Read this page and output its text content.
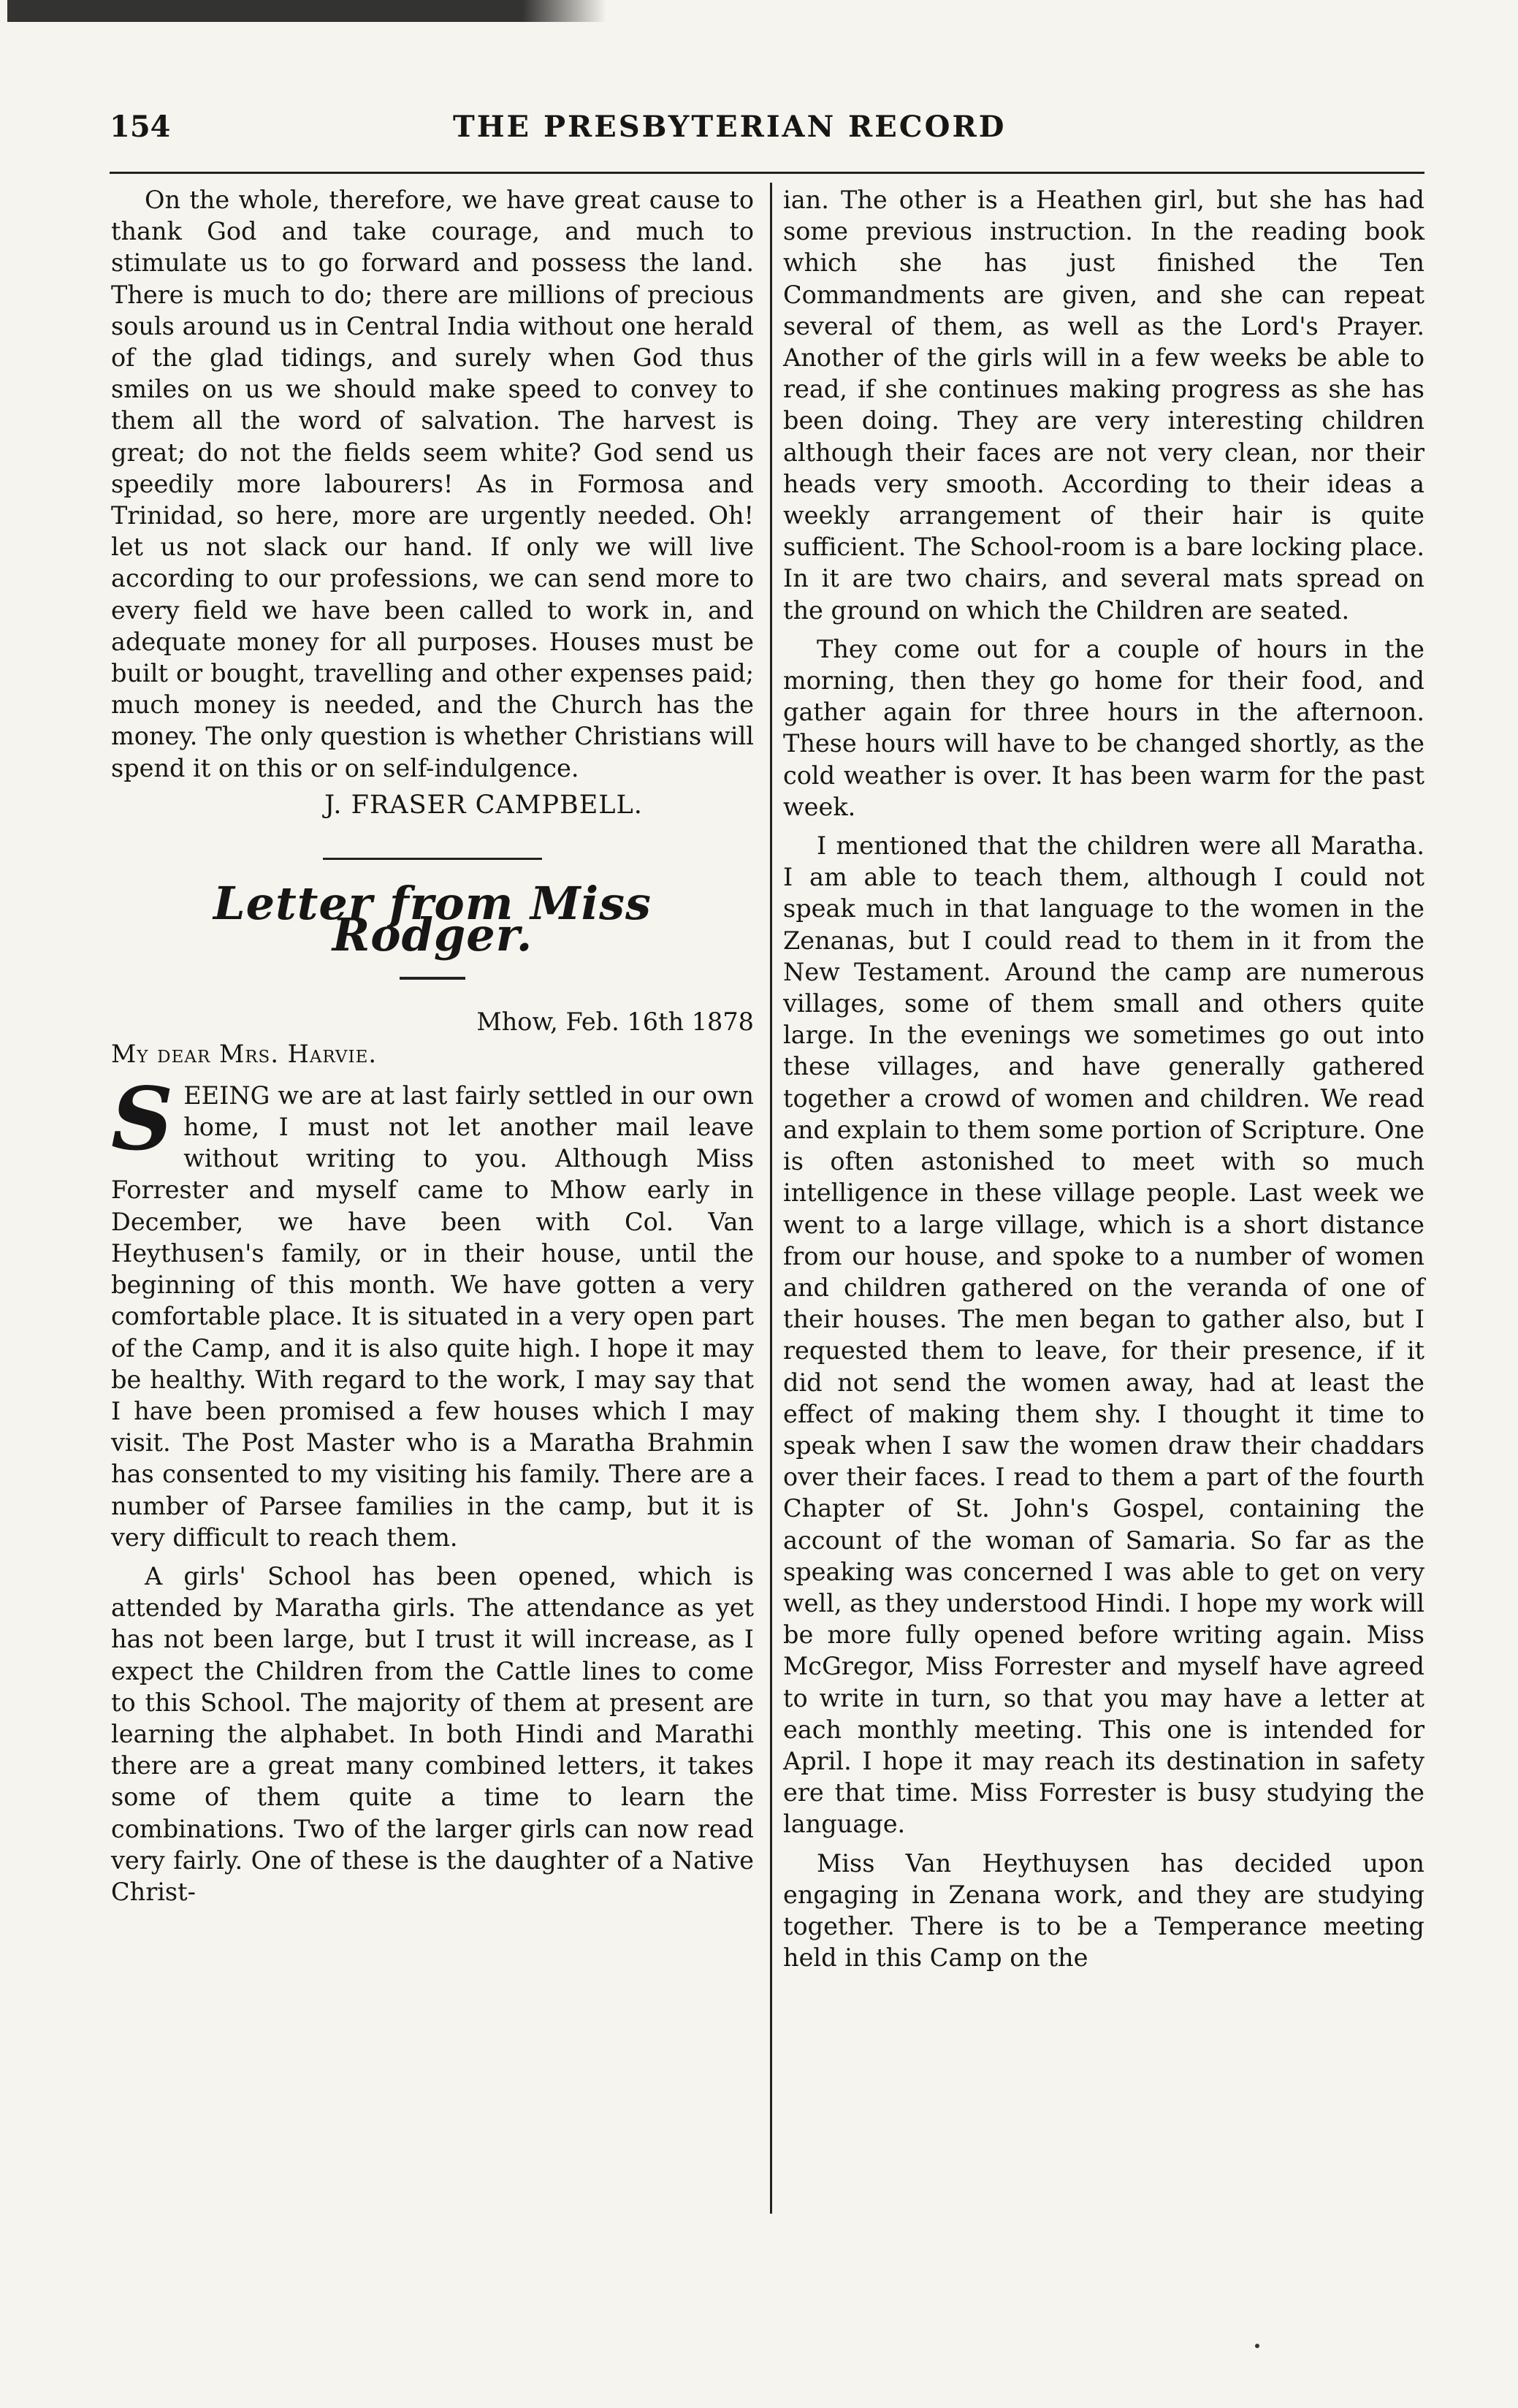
154	THE PRESBYTERIAN RECORD

On the whole, therefore, we have great cause to thank God and take courage, and much to stimulate us to go forward and possess the land. There is much to do; there are millions of precious souls around us in Central India without one herald of the glad tidings, and surely when God thus smiles on us we should make speed to convey to them all the word of salvation. The harvest is great; do not the fields seem white? God send us speedily more labourers! As in Formosa and Trinidad, so here, more are urgently needed. Oh! let us not slack our hand. If only we will live according to our professions, we can send more to every field we have been called to work in, and adequate money for all purposes. Houses must be built or bought, travelling and other expenses paid; much money is needed, and the Church has the money. The only question is whether Christians will spend it on this or on self-indulgence.

J. FRASER CAMPBELL.
Letter from Miss Rodger.

Mhow, Feb. 16th 1878

My dear Mrs. Harvie.

SEEING we are at last fairly settled in our own home, I must not let another mail leave without writing to you. Although Miss Forrester and myself came to Mhow early in December, we have been with Col. Van Heythusen's family, or in their house, until the beginning of this month. We have gotten a very comfortable place. It is situated in a very open part of the Camp, and it is also quite high. I hope it may be healthy. With regard to the work, I may say that I have been promised a few houses which I may visit. The Post Master who is a Maratha Brahmin has consented to my visiting his family. There are a number of Parsee families in the camp, but it is very difficult to reach them.

A girls' School has been opened, which is attended by Maratha girls. The attendance as yet has not been large, but I trust it will increase, as I expect the Children from the Cattle lines to come to this School. The majority of them at present are learning the alphabet. In both Hindi and Marathi there are a great many combined letters, it takes some of them quite a time to learn the combinations. Two of the larger girls can now read very fairly. One of these is the daughter of a Native Christ-

ian. The other is a Heathen girl, but she has had some previous instruction. In the reading book which she has just finished the Ten Commandments are given, and she can repeat several of them, as well as the Lord's Prayer. Another of the girls will in a few weeks be able to read, if she continues making progress as she has been doing. They are very interesting children although their faces are not very clean, nor their heads very smooth. According to their ideas a weekly arrangement of their hair is quite sufficient. The School-room is a bare locking place. In it are two chairs, and several mats spread on the ground on which the Children are seated.

They come out for a couple of hours in the morning, then they go home for their food, and gather again for three hours in the afternoon. These hours will have to be changed shortly, as the cold weather is over. It has been warm for the past week.

I mentioned that the children were all Maratha. I am able to teach them, although I could not speak much in that language to the women in the Zenanas, but I could read to them in it from the New Testament. Around the camp are numerous villages, some of them small and others quite large. In the evenings we sometimes go out into these villages, and have generally gathered together a crowd of women and children. We read and explain to them some portion of Scripture. One is often astonished to meet with so much intelligence in these village people. Last week we went to a large village, which is a short distance from our house, and spoke to a number of women and children gathered on the veranda of one of their houses. The men began to gather also, but I requested them to leave, for their presence, if it did not send the women away, had at least the effect of making them shy. I thought it time to speak when I saw the women draw their chaddars over their faces. I read to them a part of the fourth Chapter of St. John's Gospel, containing the account of the woman of Samaria. So far as the speaking was concerned I was able to get on very well, as they understood Hindi. I hope my work will be more fully opened before writing again. Miss McGregor, Miss Forrester and myself have agreed to write in turn, so that you may have a letter at each monthly meeting. This one is intended for April. I hope it may reach its destination in safety ere that time. Miss Forrester is busy studying the language.

Miss Van Heythuysen has decided upon engaging in Zenana work, and they are studying together. There is to be a Temperance meeting held in this Camp on the
